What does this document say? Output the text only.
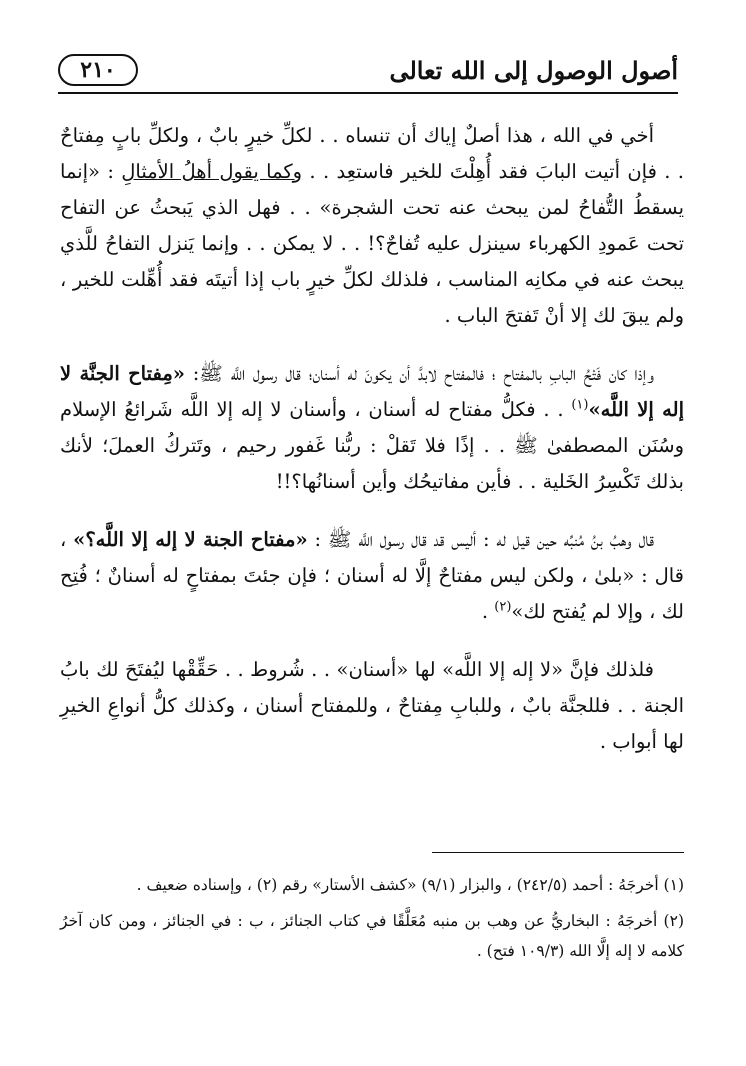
أصول الوصول إلى الله تعالى
٢١٠

أخي في الله ، هذا أصلٌ إياك أن تنساه . . لكلِّ خيرٍ بابٌ ، ولكلِّ بابٍ مِفتاحٌ . . فإن أتيت البابَ فقد أُهِلْتَ للخير فاستعِد . . وكما يقول أهلُ الأمثالِ : «إنما يسقطُ التُّفاحُ لمن يبحث عنه تحت الشجرة» . . فهل الذي يَبحثُ عن التفاح تحت عَمودِ الكهرباء سينزل عليه تُفاحٌ؟! . . لا يمكن . . وإنما يَنزل التفاحُ للَّذي يبحث عنه في مكانِه المناسب ، فلذلك لكلِّ خيرٍ باب إذا أتيتَه فقد أُهِّلت للخير ، ولم يبقَ لك إلا أنْ تَفتحَ الباب .

وإذا كان فَتْحُ البابِ بالمفتاح ؛ فالمفتاح لابدَّ أن يكونَ له أسنان؛ قال رسول اللَّه ﷺ: «مِفتاح الجنَّة لا إله إلا اللَّه»$^{(١)}$ . . فكلُّ مفتاح له أسنان ، وأسنان لا إله إلا اللَّه شَرائعُ الإسلام وسُنَن المصطفىٰ ﷺ . . إذًا فلا تَقلْ : ربُّنا غَفور رحيم ، وتَتركُ العملَ؛ لأنك بذلك تَكْسِرُ الخَلية . . فأين مفاتيحُك وأين أسنانُها؟!!

قال وهبُ بنُ مُنبِّه حين قيل له : أليس قد قال رسول اللَّه ﷺ : «مفتاح الجنة لا إله إلا اللَّه؟» ، قال : «بلىٰ ، ولكن ليس مفتاحٌ إلَّا له أسنان ؛ فإن جئتَ بمفتاحٍ له أسنانٌ ؛ فُتِح لك ، وإلا لم يُفتح لك»$^{(٢)}$ .

فلذلك فإنَّ «لا إله إلا اللَّه» لها «أسنان» . . شُروط . . حَقِّقْها ليُفتَحَ لك بابُ الجنة . . فللجنَّة بابٌ ، وللبابِ مِفتاحٌ ، وللمفتاح أسنان ، وكذلك كلُّ أنواعِ الخيرِ لها أبواب .

(١) أخرجَهُ : أحمد (٢٤٢/٥) ، والبزار (٩/١) «كشف الأستار» رقم (٢) ، وإسناده ضعيف .

(٢) أخرجَهُ : البخاريُّ عن وهب بن منبه مُعَلَّقًا في كتاب الجنائز ، ب : في الجنائز ، ومن كان آخرُ كلامه لا إله إلَّا الله (١٠٩/٣ فتح) .
